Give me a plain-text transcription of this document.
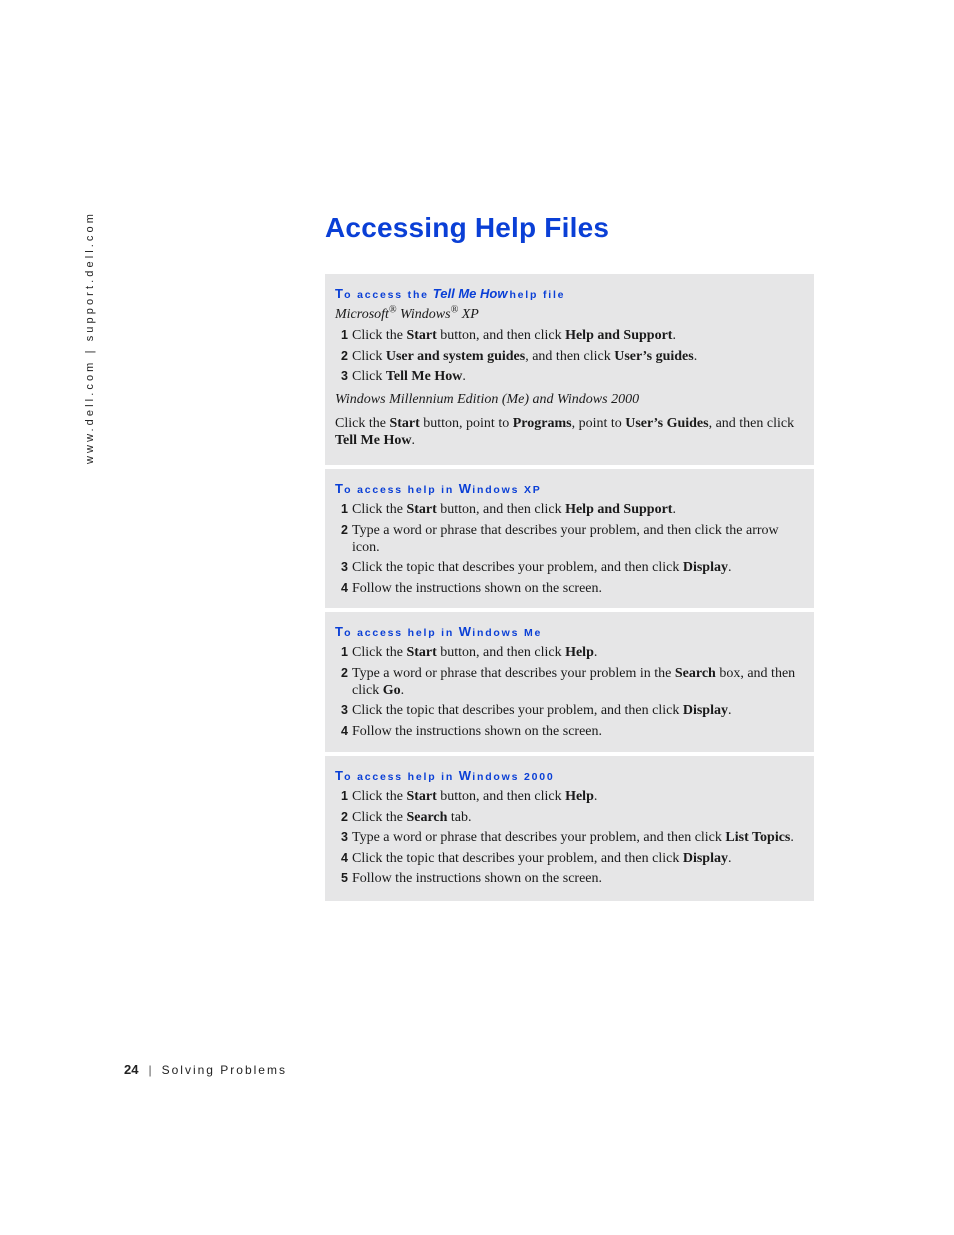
www.dell.com | support.dell.com	Accessing Help Files
To access the Tell Me How help file
Microsoft® Windows® XP
1 Click the Start button, and then click Help and Support.
2 Click User and system guides, and then click User’s guides.
3 Click Tell Me How.
Windows Millennium Edition (Me) and Windows 2000
Click the Start button, point to Programs, point to User’s Guides, and then click Tell Me How.
To access help in Windows XP
1 Click the Start button, and then click Help and Support.
2 Type a word or phrase that describes your problem, and then click the arrow icon.
3 Click the topic that describes your problem, and then click Display.
4 Follow the instructions shown on the screen.
To access help in Windows Me
1 Click the Start button, and then click Help.
2 Type a word or phrase that describes your problem in the Search box, and then click Go.
3 Click the topic that describes your problem, and then click Display.
4 Follow the instructions shown on the screen.
To access help in Windows 2000
1 Click the Start button, and then click Help.
2 Click the Search tab.
3 Type a word or phrase that describes your problem, and then click List Topics.
4 Click the topic that describes your problem, and then click Display.
5 Follow the instructions shown on the screen.
24 | Solving Problems
